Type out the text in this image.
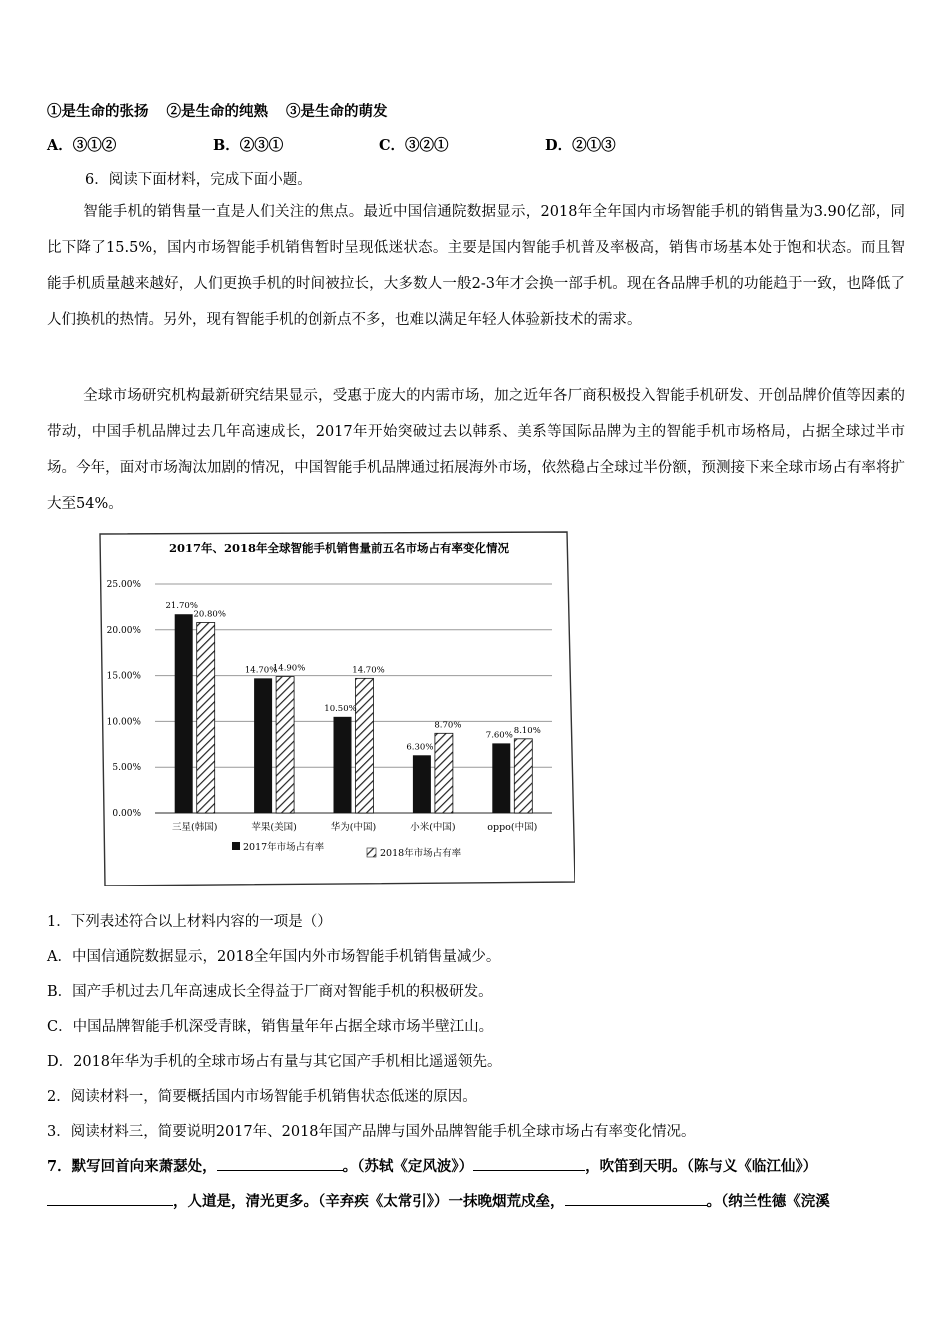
①是生命的张扬 ②是生命的纯熟 ③是生命的萌发
A．③①②	B．②③①	C．③②①	D．②①③
6．阅读下面材料，完成下面小题。
智能手机的销售量一直是人们关注的焦点。最近中国信通院数据显示，2018年全年国内市场智能手机的销售量为3.90亿部，同比下降了15.5%，国内市场智能手机销售暂时呈现低迷状态。主要是国内智能手机普及率极高，销售市场基本处于饱和状态。而且智能手机质量越来越好，人们更换手机的时间被拉长，大多数人一般2-3年才会换一部手机。现在各品牌手机的功能趋于一致，也降低了人们换机的热情。另外，现有智能手机的创新点不多，也难以满足年轻人体验新技术的需求。
全球市场研究机构最新研究结果显示，受惠于庞大的内需市场，加之近年各厂商积极投入智能手机研发、开创品牌价值等因素的带动，中国手机品牌过去几年高速成长，2017年开始突破过去以韩系、美系等国际品牌为主的智能手机市场格局，占据全球过半市场。今年，面对市场淘汰加剧的情况，中国智能手机品牌通过拓展海外市场，依然稳占全球过半份额，预测接下来全球市场占有率将扩大至54%。
2017年、2018年全球智能手机销售量前五名市场占有率变化情况
0.00%
5.00%
10.00%
15.00%
20.00%
25.00%
21.70%
20.80%
14.70%
14.90%
10.50%
14.70%
6.30%
8.70%
7.60% 8.10%
三星(韩国)	苹果(美国)	华为(中国)	小米(中国)	oppo(中国)
2017年市场占有率
2018年市场占有率
1．下列表述符合以上材料内容的一项是（）
A．中国信通院数据显示，2018全年国内外市场智能手机销售量减少。
B．国产手机过去几年高速成长全得益于厂商对智能手机的积极研发。
C．中国品牌智能手机深受青睐，销售量年年占据全球市场半壁江山。
D．2018年华为手机的全球市场占有量与其它国产手机相比遥遥领先。
2．阅读材料一，简要概括国内市场智能手机销售状态低迷的原因。
3．阅读材料三，简要说明2017年、2018年国产品牌与国外品牌智能手机全球市场占有率变化情况。
7．默写回首向来萧瑟处，	。（苏轼《定风波》）	，吹笛到天明。（陈与义《临江仙》）
，人道是，清光更多。（辛弃疾《太常引》）一抹晚烟荒戍垒，	。（纳兰性德《浣溪
